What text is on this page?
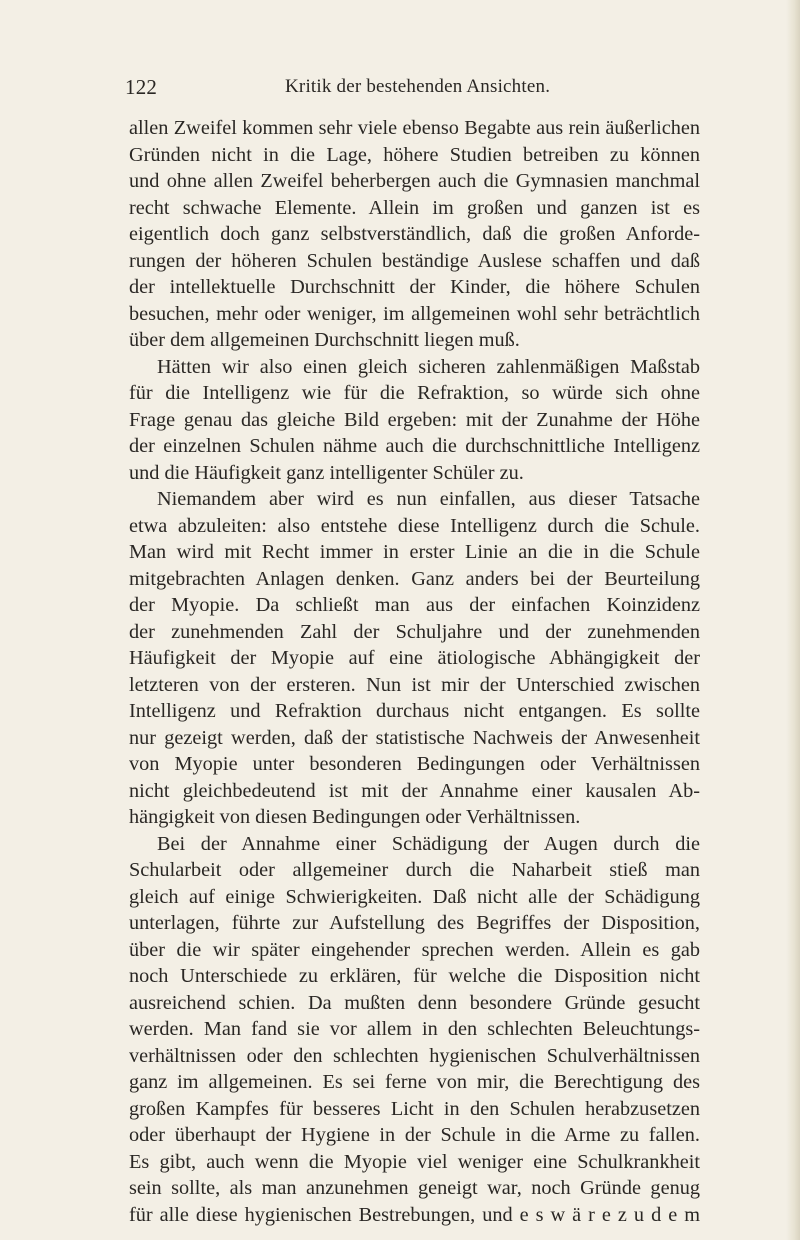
122	Kritik der bestehenden Ansichten.
allen Zweifel kommen sehr viele ebenso Begabte aus rein äußerlichen
Gründen nicht in die Lage, höhere Studien betreiben zu können
und ohne allen Zweifel beherbergen auch die Gymnasien manchmal
recht schwache Elemente. Allein im großen und ganzen ist es
eigentlich doch ganz selbstverständlich, daß die großen Anforde-
rungen der höheren Schulen beständige Auslese schaffen und daß
der intellektuelle Durchschnitt der Kinder, die höhere Schulen
besuchen, mehr oder weniger, im allgemeinen wohl sehr beträchtlich
über dem allgemeinen Durchschnitt liegen muß.
Hätten wir also einen gleich sicheren zahlenmäßigen Maßstab
für die Intelligenz wie für die Refraktion, so würde sich ohne
Frage genau das gleiche Bild ergeben: mit der Zunahme der Höhe
der einzelnen Schulen nähme auch die durchschnittliche Intelligenz
und die Häufigkeit ganz intelligenter Schüler zu.
Niemandem aber wird es nun einfallen, aus dieser Tatsache
etwa abzuleiten: also entstehe diese Intelligenz durch die Schule.
Man wird mit Recht immer in erster Linie an die in die Schule
mitgebrachten Anlagen denken. Ganz anders bei der Beurteilung
der Myopie. Da schließt man aus der einfachen Koinzidenz
der zunehmenden Zahl der Schuljahre und der zunehmenden
Häufigkeit der Myopie auf eine ätiologische Abhängigkeit der
letzteren von der ersteren. Nun ist mir der Unterschied zwischen
Intelligenz und Refraktion durchaus nicht entgangen. Es sollte
nur gezeigt werden, daß der statistische Nachweis der Anwesenheit
von Myopie unter besonderen Bedingungen oder Verhältnissen
nicht gleichbedeutend ist mit der Annahme einer kausalen Ab-
hängigkeit von diesen Bedingungen oder Verhältnissen.
Bei der Annahme einer Schädigung der Augen durch die
Schularbeit oder allgemeiner durch die Naharbeit stieß man
gleich auf einige Schwierigkeiten. Daß nicht alle der Schädigung
unterlagen, führte zur Aufstellung des Begriffes der Disposition,
über die wir später eingehender sprechen werden. Allein es gab
noch Unterschiede zu erklären, für welche die Disposition nicht
ausreichend schien. Da mußten denn besondere Gründe gesucht
werden. Man fand sie vor allem in den schlechten Beleuchtungs-
verhältnissen oder den schlechten hygienischen Schulverhältnissen
ganz im allgemeinen. Es sei ferne von mir, die Berechtigung des
großen Kampfes für besseres Licht in den Schulen herabzusetzen
oder überhaupt der Hygiene in der Schule in die Arme zu fallen.
Es gibt, auch wenn die Myopie viel weniger eine Schulkrankheit
sein sollte, als man anzunehmen geneigt war, noch Gründe genug
für alle diese hygienischen Bestrebungen, und e s w ä r e z u d e m
